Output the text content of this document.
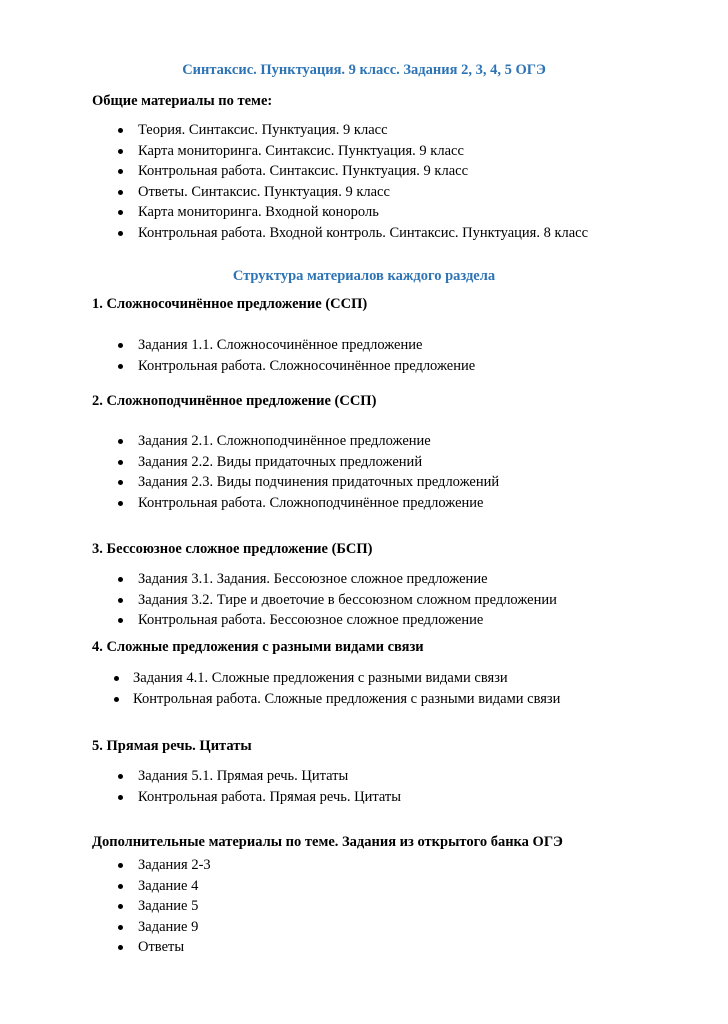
Синтаксис. Пунктуация. 9 класс. Задания 2, 3, 4, 5 ОГЭ
Общие материалы по теме:
Теория. Синтаксис. Пунктуация. 9 класс
Карта мониторинга. Синтаксис. Пунктуация. 9 класс
Контрольная работа. Синтаксис. Пунктуация. 9 класс
Ответы. Синтаксис. Пунктуация. 9 класс
Карта мониторинга. Входной конороль
Контрольная работа. Входной контроль. Синтаксис. Пунктуация. 8 класс
Структура материалов каждого раздела
1. Сложносочинённое предложение (ССП)
Задания 1.1. Сложносочинённое предложение
Контрольная работа. Сложносочинённое предложение
2. Сложноподчинённое предложение (ССП)
Задания 2.1. Сложноподчинённое предложение
Задания 2.2. Виды придаточных предложений
Задания 2.3. Виды подчинения придаточных предложений
Контрольная работа. Сложноподчинённое предложение
3. Бессоюзное сложное предложение (БСП)
Задания 3.1. Задания. Бессоюзное сложное предложение
Задания 3.2. Тире и двоеточие в бессоюзном сложном предложении
Контрольная работа. Бессоюзное сложное предложение
4. Сложные предложения с разными видами связи
Задания 4.1. Сложные предложения с разными видами связи
Контрольная работа. Сложные предложения с разными видами связи
5. Прямая речь. Цитаты
Задания 5.1. Прямая речь. Цитаты
Контрольная работа. Прямая речь. Цитаты
Дополнительные материалы по теме. Задания из открытого банка ОГЭ
Задания 2-3
Задание 4
Задание 5
Задание 9
Ответы
